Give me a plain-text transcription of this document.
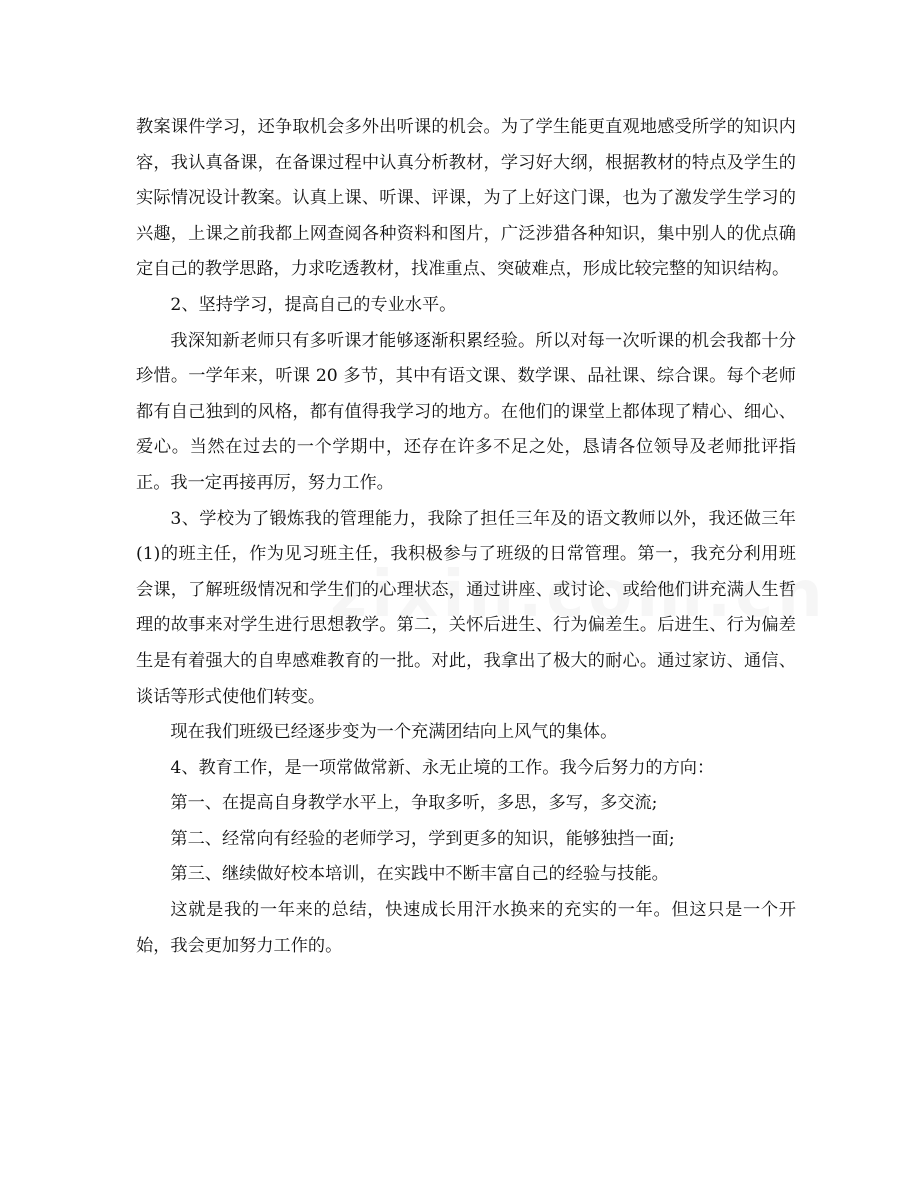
教案课件学习，还争取机会多外出听课的机会。为了学生能更直观地感受所学的知识内容，我认真备课，在备课过程中认真分析教材，学习好大纲，根据教材的特点及学生的实际情况设计教案。认真上课、听课、评课，为了上好这门课，也为了激发学生学习的兴趣，上课之前我都上网查阅各种资料和图片，广泛涉猎各种知识，集中别人的优点确定自己的教学思路，力求吃透教材，找准重点、突破难点，形成比较完整的知识结构。

2、坚持学习，提高自己的专业水平。

我深知新老师只有多听课才能够逐渐积累经验。所以对每一次听课的机会我都十分珍惜。一学年来，听课 20 多节，其中有语文课、数学课、品社课、综合课。每个老师都有自己独到的风格，都有值得我学习的地方。在他们的课堂上都体现了精心、细心、爱心。当然在过去的一个学期中，还存在许多不足之处，恳请各位领导及老师批评指正。我一定再接再厉，努力工作。

3、学校为了锻炼我的管理能力，我除了担任三年及的语文教师以外，我还做三年(1)的班主任，作为见习班主任，我积极参与了班级的日常管理。第一，我充分利用班会课，了解班级情况和学生们的心理状态，通过讲座、或讨论、或给他们讲充满人生哲理的故事来对学生进行思想教学。第二，关怀后进生、行为偏差生。后进生、行为偏差生是有着强大的自卑感难教育的一批。对此，我拿出了极大的耐心。通过家访、通信、谈话等形式使他们转变。

现在我们班级已经逐步变为一个充满团结向上风气的集体。

4、教育工作，是一项常做常新、永无止境的工作。我今后努力的方向：

第一、在提高自身教学水平上，争取多听，多思，多写，多交流;

第二、经常向有经验的老师学习，学到更多的知识，能够独挡一面;

第三、继续做好校本培训，在实践中不断丰富自己的经验与技能。

这就是我的一年来的总结，快速成长用汗水换来的充实的一年。但这只是一个开始，我会更加努力工作的。
